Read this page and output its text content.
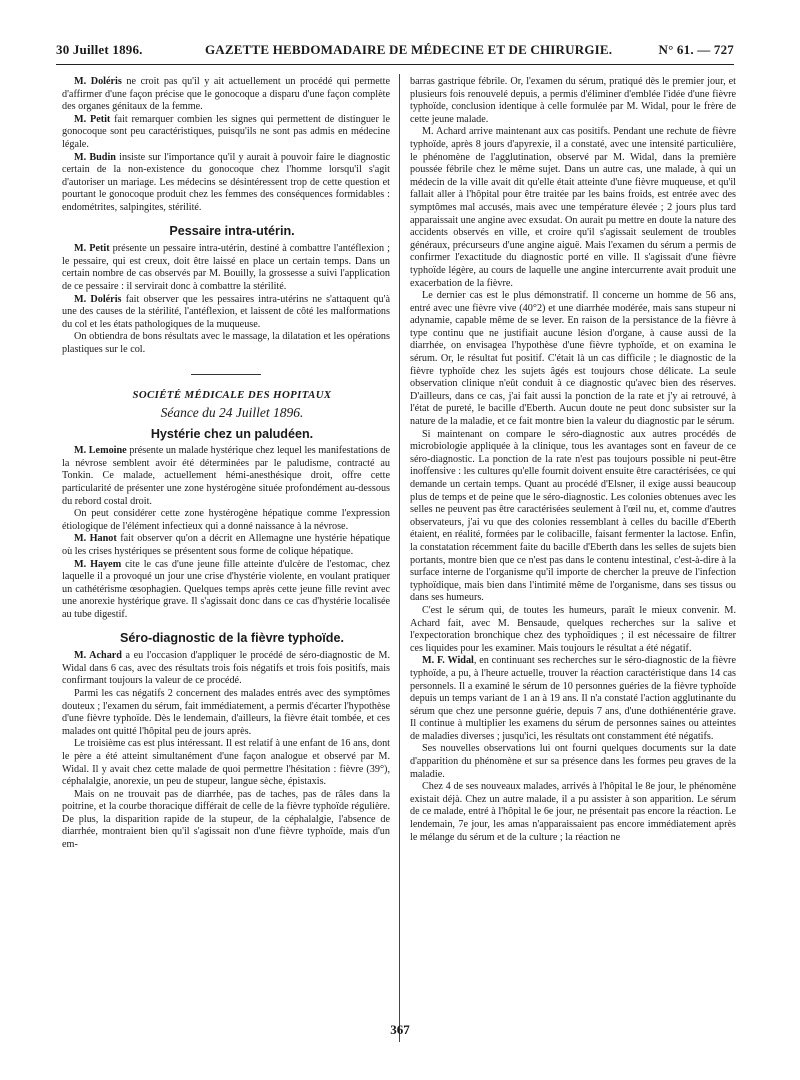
30 Juillet 1896.	GAZETTE HEBDOMADAIRE DE MÉDECINE ET DE CHIRURGIE.	N° 61. — 727

M. Doléris ne croit pas qu'il y ait actuellement un procédé qui permette d'affirmer d'une façon précise que le gonocoque a disparu d'une façon complète des organes génitaux de la femme.

M. Petit fait remarquer combien les signes qui permettent de distinguer le gonocoque sont peu caractéristiques, puisqu'ils ne sont pas admis en médecine légale.

M. Budin insiste sur l'importance qu'il y aurait à pouvoir faire le diagnostic certain de la non-existence du gonocoque chez l'homme lorsqu'il s'agit d'autoriser un mariage. Les médecins se désintéressent trop de cette question et pourtant le gonocoque produit chez les femmes des conséquences formidables : endométrites, salpingites, stérilité.

Pessaire intra-utérin.

M. Petit présente un pessaire intra-utérin, destiné à combattre l'antéflexion ; le pessaire, qui est creux, doit être laissé en place un certain temps. Dans un certain nombre de cas observés par M. Bouilly, la grossesse a suivi l'application de ce pessaire : il servirait donc à combattre la stérilité.

M. Doléris fait observer que les pessaires intra-utérins ne s'attaquent qu'à une des causes de la stérilité, l'antéflexion, et laissent de côté les malformations du col et les états pathologiques de la muqueuse.

On obtiendra de bons résultats avec le massage, la dilatation et les opérations plastiques sur le col.

SOCIÉTÉ MÉDICALE DES HOPITAUX

Séance du 24 Juillet 1896.

Hystérie chez un paludéen.

M. Lemoine présente un malade hystérique chez lequel les manifestations de la névrose semblent avoir été déterminées par le paludisme, contracté au Tonkin. Ce malade, actuellement hémi-anesthésique droit, offre cette particularité de présenter une zone hystérogène située profondément au-dessous du rebord costal droit.

On peut considérer cette zone hystérogène hépatique comme l'expression étiologique de l'élément infectieux qui a donné naissance à la névrose.

M. Hanot fait observer qu'on a décrit en Allemagne une hystérie hépatique où les crises hystériques se présentent sous forme de colique hépatique.

M. Hayem cite le cas d'une jeune fille atteinte d'ulcère de l'estomac, chez laquelle il a provoqué un jour une crise d'hystérie violente, en voulant pratiquer un cathétérisme œsophagien. Quelques temps après cette jeune fille revint avec une anorexie hystérique grave. Il s'agissait donc dans ce cas d'hystérie localisée au tube digestif.

Séro-diagnostic de la fièvre typhoïde.

M. Achard a eu l'occasion d'appliquer le procédé de séro-diagnostic de M. Widal dans 6 cas, avec des résultats trois fois négatifs et trois fois positifs, mais confirmant toujours la valeur de ce procédé.

Parmi les cas négatifs 2 concernent des malades entrés avec des symptômes douteux ; l'examen du sérum, fait immédiatement, a permis d'écarter l'hypothèse d'une fièvre typhoïde. Dès le lendemain, d'ailleurs, la fièvre était tombée, et ces malades ont quitté l'hôpital peu de jours après.

Le troisième cas est plus intéressant. Il est relatif à une enfant de 16 ans, dont le père a été atteint simultanément d'une façon analogue et observé par M. Widal. Il y avait chez cette malade de quoi permettre l'hésitation : fièvre (39°), céphalalgie, anorexie, un peu de stupeur, langue sèche, épistaxis.

Mais on ne trouvait pas de diarrhée, pas de taches, pas de râles dans la poitrine, et la courbe thoracique différait de celle de la fièvre typhoïde régulière. De plus, la disparition rapide de la stupeur, de la céphalalgie, l'absence de diarrhée, montraient bien qu'il s'agissait non d'une fièvre typhoïde, mais d'un em-

barras gastrique fébrile. Or, l'examen du sérum, pratiqué dès le premier jour, et plusieurs fois renouvelé depuis, a permis d'éliminer d'emblée l'idée d'une fièvre typhoïde, conclusion identique à celle formulée par M. Widal, pour le frère de cette jeune malade.

M. Achard arrive maintenant aux cas positifs. Pendant une rechute de fièvre typhoïde, après 8 jours d'apyrexie, il a constaté, avec une intensité particulière, le phénomène de l'agglutination, observé par M. Widal, dans la première poussée fébrile chez le même sujet. Dans un autre cas, une malade, à qui un médecin de la ville avait dit qu'elle était atteinte d'une fièvre muqueuse, et qu'il fallait aller à l'hôpital pour être traitée par les bains froids, est entrée avec des symptômes mal accusés, mais avec une température élevée ; 2 jours plus tard apparaissait une angine avec exsudat. On aurait pu mettre en doute la nature des accidents observés en ville, et croire qu'il s'agissait seulement de troubles généraux, précurseurs d'une angine aiguë. Mais l'examen du sérum a permis de confirmer l'exactitude du diagnostic porté en ville. Il s'agissait d'une fièvre typhoïde légère, au cours de laquelle une angine intercurrente avait produit une exacerbation de la fièvre.

Le dernier cas est le plus démonstratif. Il concerne un homme de 56 ans, entré avec une fièvre vive (40°2) et une diarrhée modérée, mais sans stupeur ni adynamie, capable même de se lever. En raison de la persistance de la fièvre à type continu que ne justifiait aucune lésion d'organe, à cause aussi de la diarrhée, on envisagea l'hypothèse d'une fièvre typhoïde, et on examina le sérum. Or, le résultat fut positif. C'était là un cas difficile ; le diagnostic de la fièvre typhoïde chez les sujets âgés est toujours chose délicate. La seule observation clinique n'eût conduit à ce diagnostic qu'avec bien des réserves. D'ailleurs, dans ce cas, j'ai fait aussi la ponction de la rate et j'y ai retrouvé, à l'état de pureté, le bacille d'Eberth. Aucun doute ne peut donc subsister sur la nature de la maladie, et ce fait montre bien la valeur du diagnostic par le sérum.

Si maintenant on compare le séro-diagnostic aux autres procédés de microbiologie appliquée à la clinique, tous les avantages sont en faveur de ce séro-diagnostic. La ponction de la rate n'est pas toujours possible ni peut-être inoffensive : les cultures qu'elle fournit doivent ensuite être caractérisées, ce qui demande un certain temps. Quant au procédé d'Elsner, il exige aussi beaucoup plus de temps et de peine que le séro-diagnostic. Les colonies obtenues avec les selles ne peuvent pas être caractérisées seulement à l'œil nu, et, comme d'autres observateurs, j'ai vu que des colonies ressemblant à celles du bacille d'Eberth étaient, en réalité, formées par le colibacille, faisant fermenter la lactose. Enfin, la constatation récemment faite du bacille d'Eberth dans les selles de sujets bien portants, montre bien que ce n'est pas dans le contenu intestinal, c'est-à-dire à la surface interne de l'organisme qu'il importe de chercher la preuve de l'infection typhoïdique, mais bien dans l'intimité même de l'organisme, dans ses tissus ou dans ses humeurs.

C'est le sérum qui, de toutes les humeurs, paraît le mieux convenir. M. Achard fait, avec M. Bensaude, quelques recherches sur la salive et l'expectoration bronchique chez des typhoïdiques ; il est nécessaire de filtrer ces liquides pour les examiner. Mais toujours le résultat a été négatif.

M. F. Widal, en continuant ses recherches sur le séro-diagnostic de la fièvre typhoïde, a pu, à l'heure actuelle, trouver la réaction caractéristique dans 14 cas personnels. Il a examiné le sérum de 10 personnes guéries de la fièvre typhoïde depuis un temps variant de 1 an à 19 ans. Il n'a constaté l'action agglutinante du sérum que chez une personne guérie, depuis 7 ans, d'une dothiénentérie grave. Il continue à multiplier les examens du sérum de personnes saines ou atteintes de maladies diverses ; jusqu'ici, les résultats ont constamment été négatifs.

Ses nouvelles observations lui ont fourni quelques documents sur la date d'apparition du phénomène et sur sa présence dans les formes peu graves de la maladie.

Chez 4 de ses nouveaux malades, arrivés à l'hôpital le 8e jour, le phénomène existait déjà. Chez un autre malade, il a pu assister à son apparition. Le sérum de ce malade, entré à l'hôpital le 6e jour, ne présentait pas encore la réaction. Le lendemain, 7e jour, les amas n'apparaissaient pas encore immédiatement après le mélange du sérum et de la culture ; la réaction ne

367
